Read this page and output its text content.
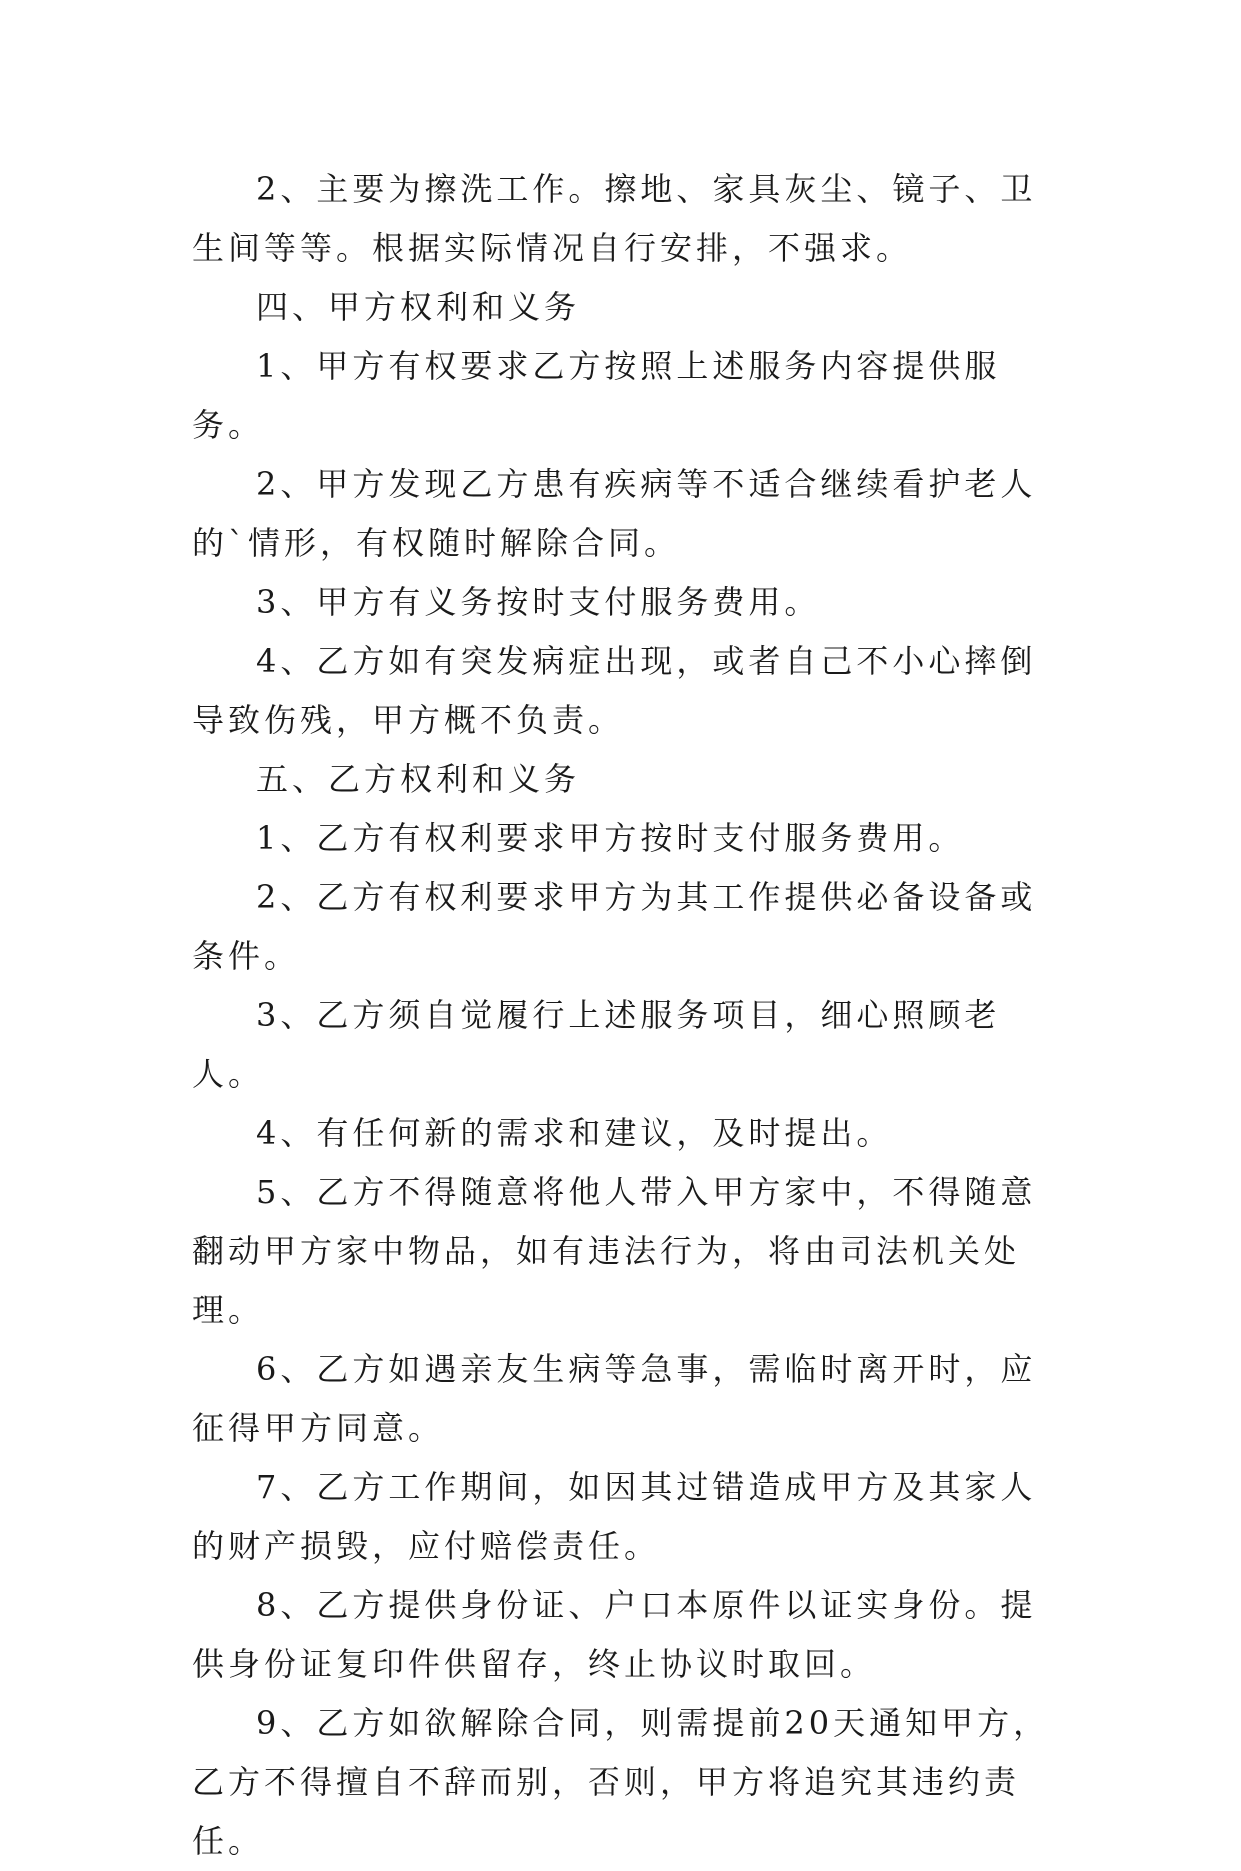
2、主要为擦洗工作。擦地、家具灰尘、镜子、卫生间等等。根据实际情况自行安排，不强求。

四、甲方权利和义务

1、甲方有权要求乙方按照上述服务内容提供服务。

2、甲方发现乙方患有疾病等不适合继续看护老人的`情形，有权随时解除合同。

3、甲方有义务按时支付服务费用。

4、乙方如有突发病症出现，或者自己不小心摔倒导致伤残，甲方概不负责。

五、乙方权利和义务

1、乙方有权利要求甲方按时支付服务费用。

2、乙方有权利要求甲方为其工作提供必备设备或条件。

3、乙方须自觉履行上述服务项目，细心照顾老人。

4、有任何新的需求和建议，及时提出。

5、乙方不得随意将他人带入甲方家中，不得随意翻动甲方家中物品，如有违法行为，将由司法机关处理。

6、乙方如遇亲友生病等急事，需临时离开时，应征得甲方同意。

7、乙方工作期间，如因其过错造成甲方及其家人的财产损毁，应付赔偿责任。

8、乙方提供身份证、户口本原件以证实身份。提供身份证复印件供留存，终止协议时取回。

9、乙方如欲解除合同，则需提前20天通知甲方，乙方不得擅自不辞而别，否则，甲方将追究其违约责任。
